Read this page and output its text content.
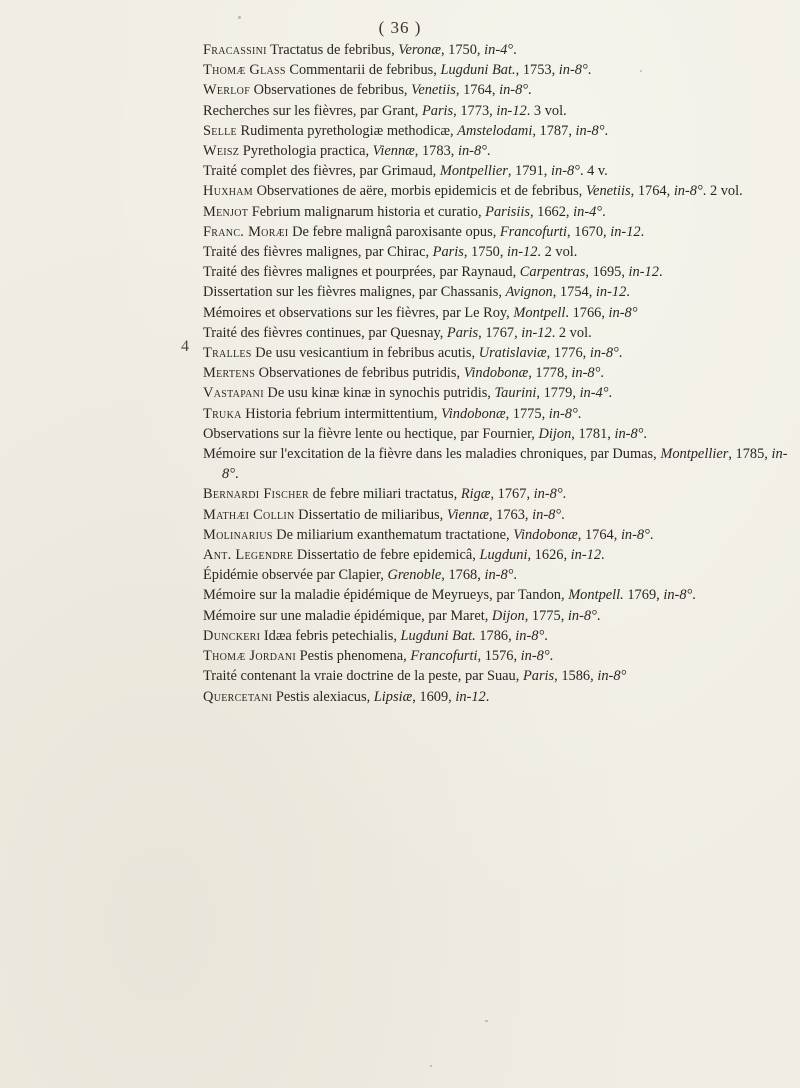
( 36 )
4
Fracassini Tractatus de febribus, Veronæ, 1750, in-4°.
Thomæ Glass Commentarii de febribus, Lugduni Bat., 1753, in-8°.
Werlof Observationes de febribus, Venetiis, 1764, in-8°.
Recherches sur les fièvres, par Grant, Paris, 1773, in-12. 3 vol.
Selle Rudimenta pyrethologiæ methodicæ, Amstelodami, 1787, in-8°.
Weisz Pyrethologia practica, Viennæ, 1783, in-8°.
Traité complet des fièvres, par Grimaud, Montpellier, 1791, in-8°. 4 v.
Huxham Observationes de aëre, morbis epidemicis et de febribus, Venetiis, 1764, in-8°. 2 vol.
Menjot Febrium malignarum historia et curatio, Parisiis, 1662, in-4°.
Franc. Moræi De febre malignâ paroxisante opus, Francofurti, 1670, in-12.
Traité des fièvres malignes, par Chirac, Paris, 1750, in-12. 2 vol.
Traité des fièvres malignes et pourprées, par Raynaud, Carpentras, 1695, in-12.
Dissertation sur les fièvres malignes, par Chassanis, Avignon, 1754, in-12.
Mémoires et observations sur les fièvres, par Le Roy, Montpell. 1766, in-8°
Traité des fièvres continues, par Quesnay, Paris, 1767, in-12. 2 vol.
Tralles De usu vesicantium in febribus acutis, Uratislaviæ, 1776, in-8°.
Mertens Observationes de febribus putridis, Vindobonæ, 1778, in-8°.
Vastapani De usu kinæ kinæ in synochis putridis, Taurini, 1779, in-4°.
Truka Historia febrium intermittentium, Vindobonæ, 1775, in-8°.
Observations sur la fièvre lente ou hectique, par Fournier, Dijon, 1781, in-8°.
Mémoire sur l'excitation de la fièvre dans les maladies chroniques, par Dumas, Montpellier, 1785, in-8°.
Bernardi Fischer de febre miliari tractatus, Rigæ, 1767, in-8°.
Mathæi Collin Dissertatio de miliaribus, Viennæ, 1763, in-8°.
Molinarius De miliarium exanthematum tractatione, Vindobonæ, 1764, in-8°.
Ant. Legendre Dissertatio de febre epidemicâ, Lugduni, 1626, in-12.
Épidémie observée par Clapier, Grenoble, 1768, in-8°.
Mémoire sur la maladie épidémique de Meyrueys, par Tandon, Montpell. 1769, in-8°.
Mémoire sur une maladie épidémique, par Maret, Dijon, 1775, in-8°.
Dunckeri Idæa febris petechialis, Lugduni Bat. 1786, in-8°.
Thomæ Jordani Pestis phenomena, Francofurti, 1576, in-8°.
Traité contenant la vraie doctrine de la peste, par Suau, Paris, 1586, in-8°
Quercetani Pestis alexiacus, Lipsiæ, 1609, in-12.
